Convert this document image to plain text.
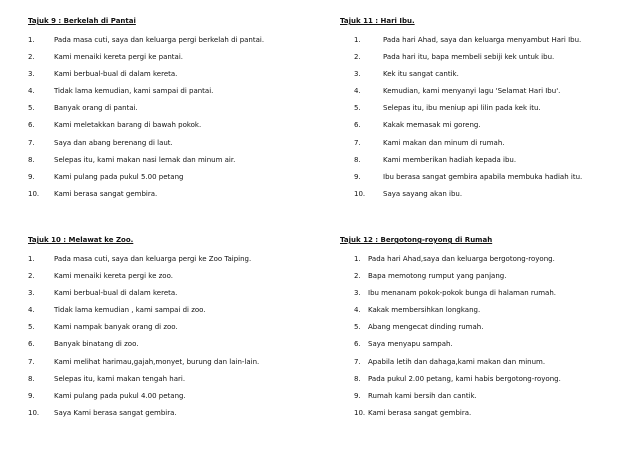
Tajuk 9 : Berkelah di Pantai
1.	Pada masa cuti, saya dan keluarga pergi berkelah di pantai.
2.	Kami menaiki kereta pergi ke pantai.
3.	Kami berbual-bual di dalam kereta.
4.	Tidak lama kemudian, kami sampai di pantai.
5.	Banyak orang di pantai.
6.	Kami meletakkan barang di bawah pokok.
7.	Saya dan abang berenang di laut.
8.	Selepas itu, kami makan nasi lemak dan minum air.
9.	Kami pulang pada pukul 5.00 petang
10. Kami berasa sangat gembira.
Tajuk 11 : Hari Ibu.
1.	Pada hari Ahad, saya dan keluarga menyambut Hari Ibu.
2.	Pada hari itu, bapa membeli sebiji kek untuk ibu.
3.	Kek itu sangat cantik.
4.	Kemudian, kami menyanyi lagu 'Selamat Hari Ibu'.
5.	Selepas itu, ibu meniup api lilin pada kek itu.
6.	Kakak memasak mi goreng.
7.	Kami makan dan minum di rumah.
8.	Kami memberikan hadiah kepada ibu.
9.	Ibu berasa sangat gembira apabila membuka hadiah itu.
10.	Saya sayang akan ibu.
Tajuk 10 : Melawat ke Zoo.
1.	Pada masa cuti, saya dan keluarga pergi ke Zoo Taiping.
2.	Kami menaiki kereta pergi ke zoo.
3.	Kami berbual-bual di dalam kereta.
4.	Tidak lama kemudian , kami sampai di zoo.
5.	Kami nampak banyak orang di zoo.
6.	Banyak binatang di zoo.
7.	Kami melihat harimau,gajah,monyet, burung dan lain-lain.
8.	Selepas itu, kami makan tengah hari.
9.	Kami pulang pada pukul 4.00 petang.
10. Saya Kami berasa sangat gembira.
Tajuk 12 : Bergotong-royong di Rumah
1. Pada hari Ahad,saya dan keluarga bergotong-royong.
2. Bapa memotong rumput yang panjang.
3. Ibu menanam pokok-pokok bunga di halaman rumah.
4. Kakak membersihkan longkang.
5. Abang mengecat dinding rumah.
6. Saya menyapu sampah.
7. Apabila letih dan dahaga,kami makan dan minum.
8. Pada pukul 2.00 petang, kami habis bergotong-royong.
9. Rumah kami bersih dan cantik.
10. Kami berasa sangat gembira.
